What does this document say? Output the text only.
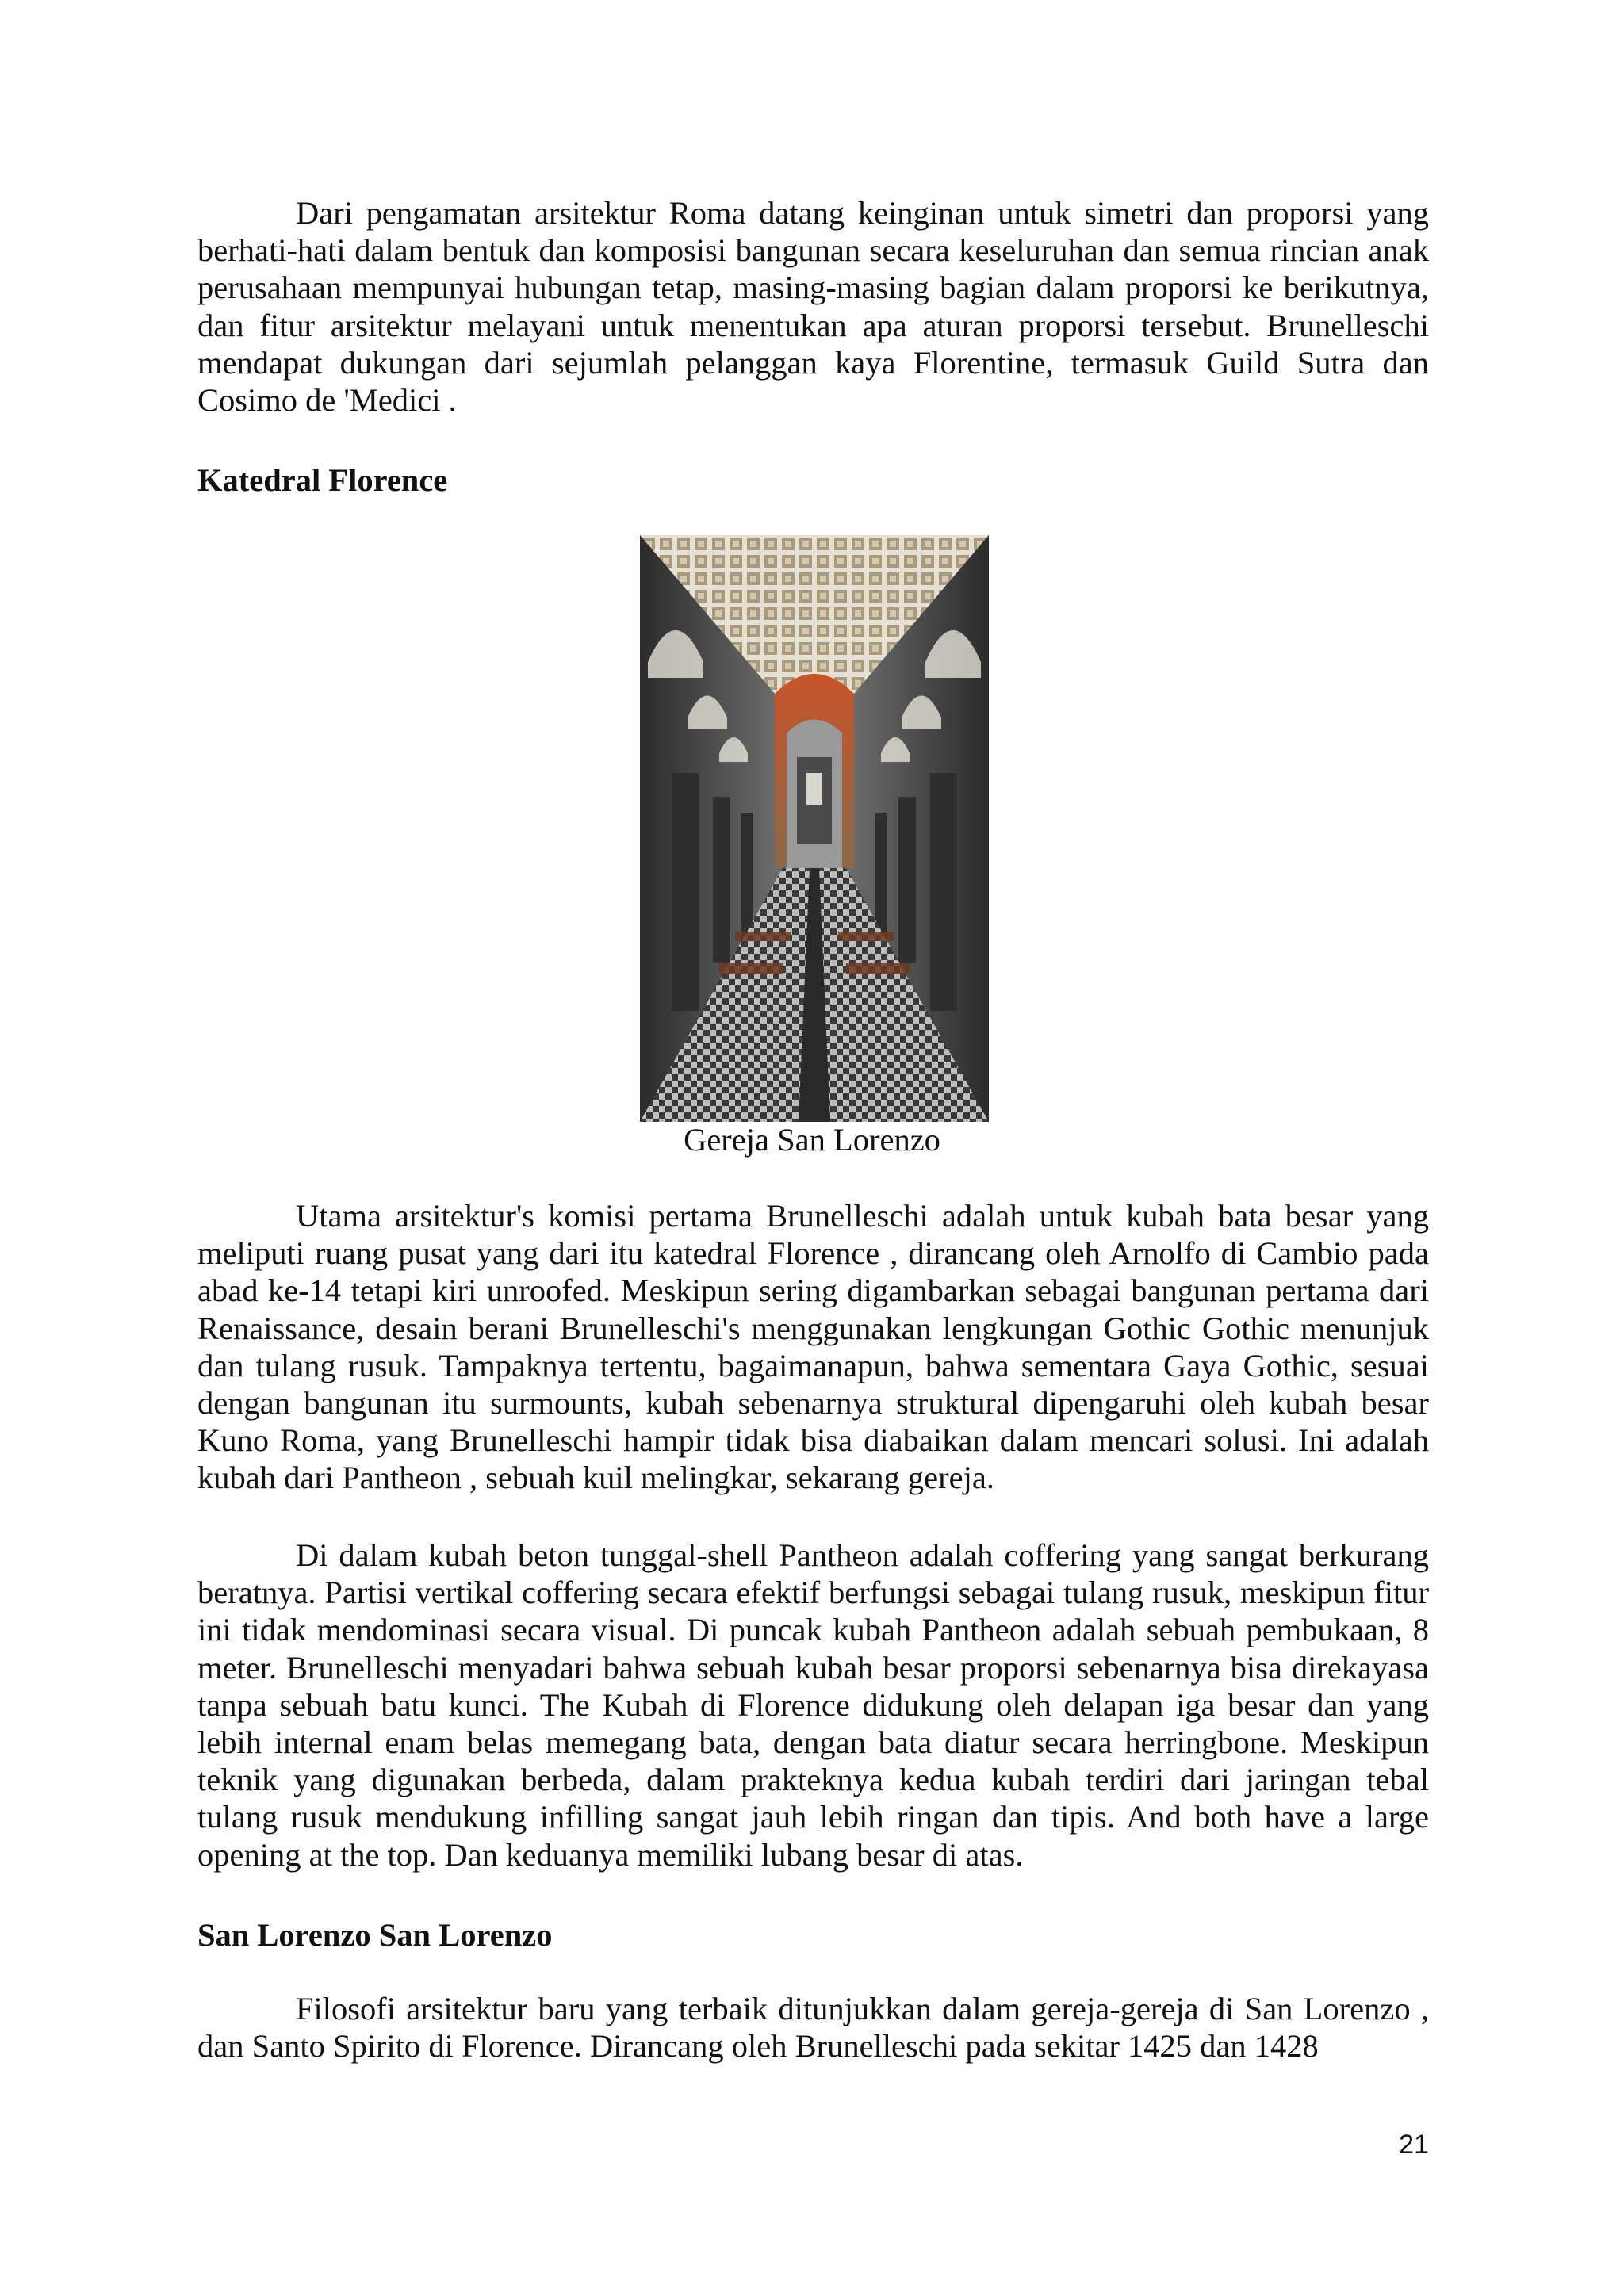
Dari pengamatan arsitektur Roma datang keinginan untuk simetri dan proporsi yang berhati-hati dalam bentuk dan komposisi bangunan secara keseluruhan dan semua rincian anak perusahaan mempunyai hubungan tetap, masing-masing bagian dalam proporsi ke berikutnya, dan fitur arsitektur melayani untuk menentukan apa aturan proporsi tersebut. Brunelleschi mendapat dukungan dari sejumlah pelanggan kaya Florentine, termasuk Guild Sutra dan Cosimo de 'Medici .

Katedral Florence

Gereja San Lorenzo

Utama arsitektur's komisi pertama Brunelleschi adalah untuk kubah bata besar yang meliputi ruang pusat yang dari itu katedral Florence , dirancang oleh Arnolfo di Cambio pada abad ke-14 tetapi kiri unroofed. Meskipun sering digambarkan sebagai bangunan pertama dari Renaissance, desain berani Brunelleschi's menggunakan lengkungan Gothic Gothic menunjuk dan tulang rusuk. Tampaknya tertentu, bagaimanapun, bahwa sementara Gaya Gothic, sesuai dengan bangunan itu surmounts, kubah sebenarnya struktural dipengaruhi oleh kubah besar Kuno Roma, yang Brunelleschi hampir tidak bisa diabaikan dalam mencari solusi. Ini adalah kubah dari Pantheon , sebuah kuil melingkar, sekarang gereja.

Di dalam kubah beton tunggal-shell Pantheon adalah coffering yang sangat berkurang beratnya. Partisi vertikal coffering secara efektif berfungsi sebagai tulang rusuk, meskipun fitur ini tidak mendominasi secara visual. Di puncak kubah Pantheon adalah sebuah pembukaan, 8 meter. Brunelleschi menyadari bahwa sebuah kubah besar proporsi sebenarnya bisa direkayasa tanpa sebuah batu kunci. The Kubah di Florence didukung oleh delapan iga besar dan yang lebih internal enam belas memegang bata, dengan bata diatur secara herringbone. Meskipun teknik yang digunakan berbeda, dalam prakteknya kedua kubah terdiri dari jaringan tebal tulang rusuk mendukung infilling sangat jauh lebih ringan dan tipis. And both have a large opening at the top. Dan keduanya memiliki lubang besar di atas.

San Lorenzo San Lorenzo

Filosofi arsitektur baru yang terbaik ditunjukkan dalam gereja-gereja di San Lorenzo , dan Santo Spirito di Florence. Dirancang oleh Brunelleschi pada sekitar 1425 dan 1428

21
